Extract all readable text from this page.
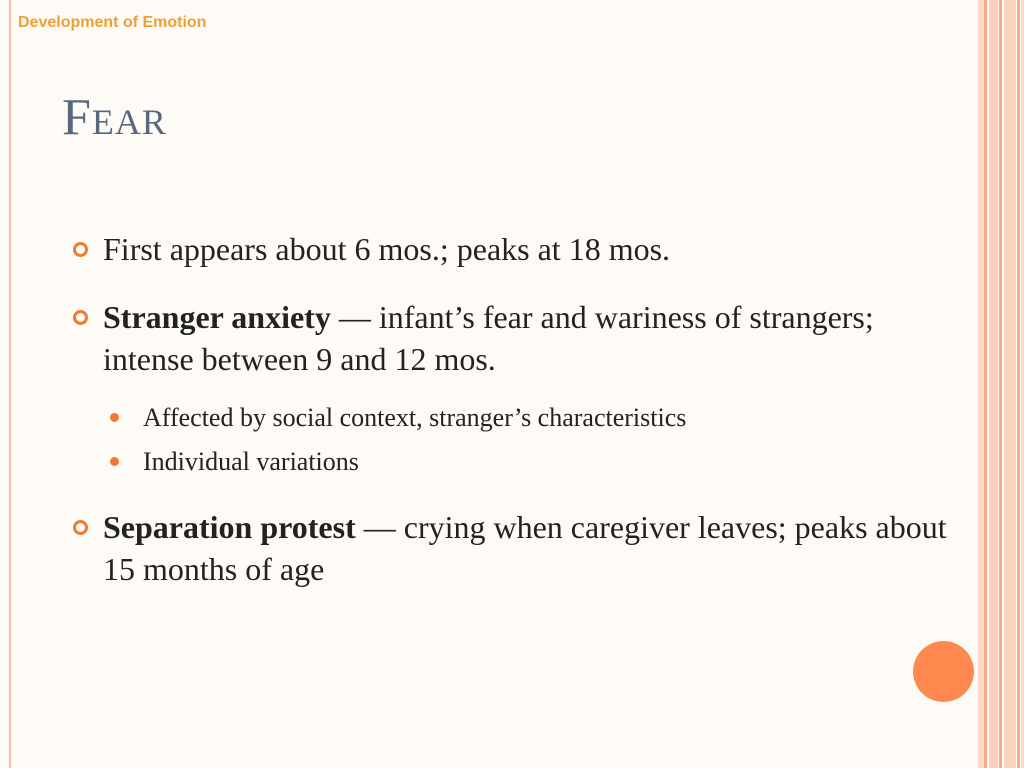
Development of Emotion
Fear
First appears about 6 mos.; peaks at 18 mos.
Stranger anxiety — infant’s fear and wariness of strangers; intense between 9 and 12 mos.
Affected by social context, stranger’s characteristics
Individual variations
Separation protest — crying when caregiver leaves; peaks about 15 months of age
